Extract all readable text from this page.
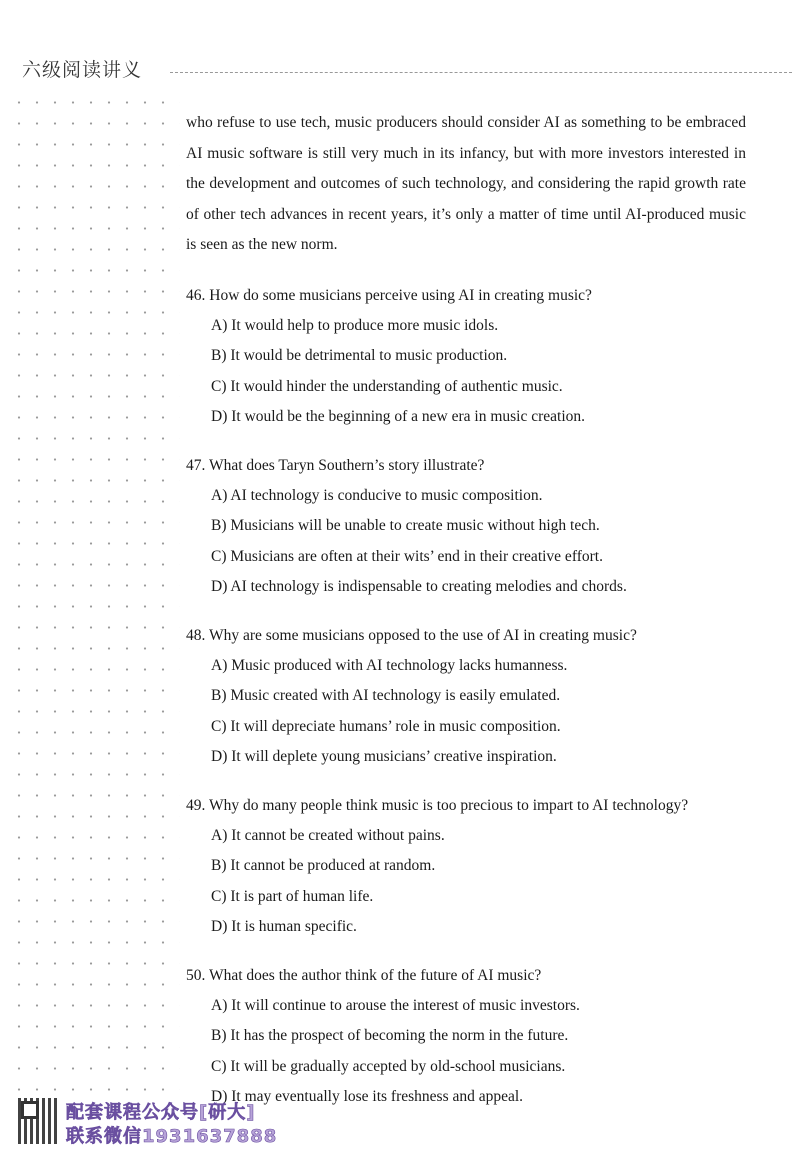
六级阅读讲义

who refuse to use tech, music producers should consider AI as something to be embraced AI music software is still very much in its infancy, but with more investors interested in the development and outcomes of such technology, and considering the rapid growth rate of other tech advances in recent years, it’s only a matter of time until AI-produced music is seen as the new norm.

46. How do some musicians perceive using AI in creating music?
A) It would help to produce more music idols.
B) It would be detrimental to music production.
C) It would hinder the understanding of authentic music.
D) It would be the beginning of a new era in music creation.
47. What does Taryn Southern’s story illustrate?
A) AI technology is conducive to music composition.
B) Musicians will be unable to create music without high tech.
C) Musicians are often at their wits’ end in their creative effort.
D) AI technology is indispensable to creating melodies and chords.
48. Why are some musicians opposed to the use of AI in creating music?
A) Music produced with AI technology lacks humanness.
B) Music created with AI technology is easily emulated.
C) It will depreciate humans’ role in music composition.
D) It will deplete young musicians’ creative inspiration.
49. Why do many people think music is too precious to impart to AI technology?
A) It cannot be created without pains.
B) It cannot be produced at random.
C) It is part of human life.
D) It is human specific.
50. What does the author think of the future of AI music?
A) It will continue to arouse the interest of music investors.
B) It has the prospect of becoming the norm in the future.
C) It will be gradually accepted by old-school musicians.
D) It may eventually lose its freshness and appeal.
配套课程公众号[研大]
联系微信1931637888
